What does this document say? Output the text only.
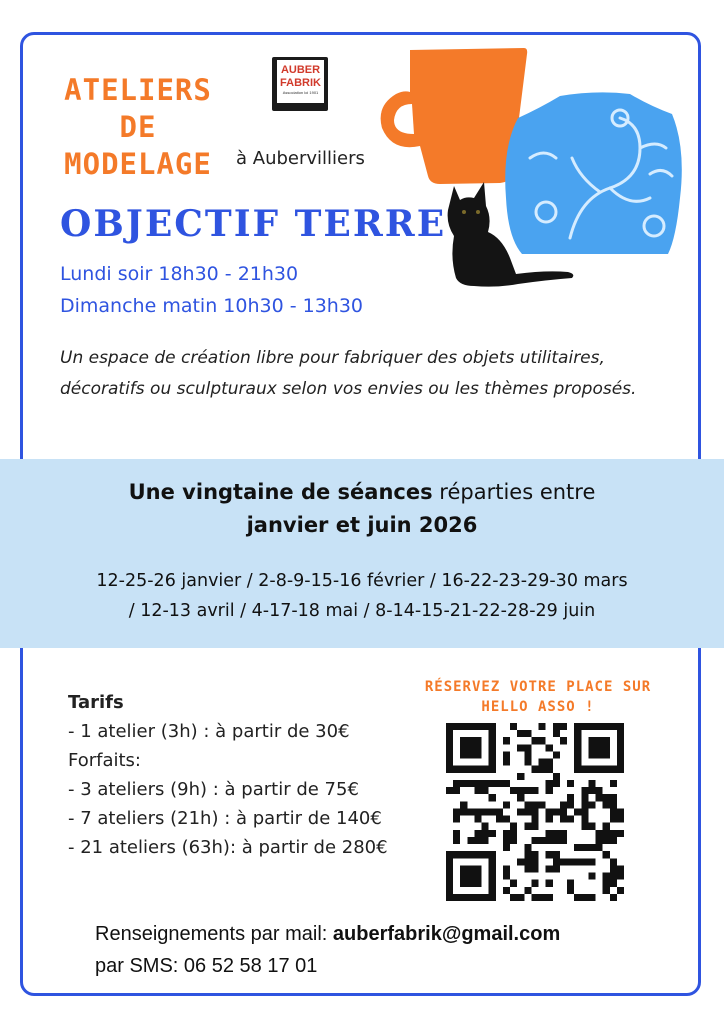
ATELIERS
DE
MODELAGE
AUBER
FABRIK
Association loi 1901
à Aubervilliers
OBJECTIF TERRE
Lundi soir 18h30 - 21h30
Dimanche matin 10h30 - 13h30
Un espace de création libre pour fabriquer des objets utilitaires, décoratifs ou sculpturaux selon vos envies ou les thèmes proposés.
Une vingtaine de séances réparties entre
janvier et juin 2026
12-25-26 janvier / 2-8-9-15-16 février / 16-22-23-29-30 mars
/ 12-13 avril / 4-17-18 mai / 8-14-15-21-22-28-29 juin
Tarifs
- 1 atelier (3h) : à partir de 30€
Forfaits:
- 3 ateliers (9h) : à partir de 75€
- 7 ateliers (21h) : à partir de 140€
- 21 ateliers (63h): à partir de 280€
RÉSERVEZ VOTRE PLACE SUR
HELLO ASSO !
Renseignements par mail: auberfabrik@gmail.com
par SMS: 06 52 58 17 01
